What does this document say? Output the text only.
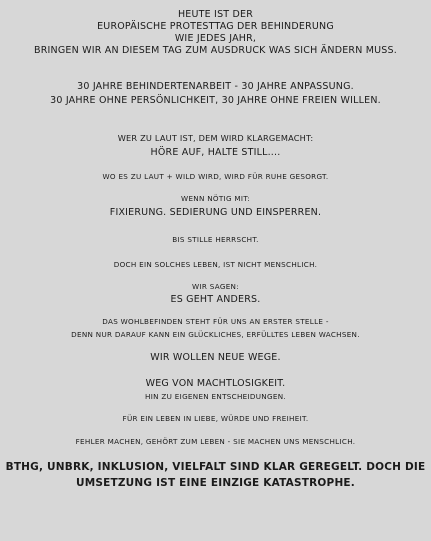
HEUTE IST DER
EUROPÄISCHE PROTESTTAG DER BEHINDERUNG
WIE JEDES JAHR,
BRINGEN WIR AN DIESEM TAG ZUM AUSDRUCK WAS SICH ÄNDERN MUSS.
30 JAHRE BEHINDERTENARBEIT - 30 JAHRE ANPASSUNG.
30 JAHRE OHNE PERSÖNLICHKEIT, 30 JAHRE OHNE FREIEN WILLEN.
WER ZU LAUT IST, DEM WIRD KLARGEMACHT:
HÖRE AUF, HALTE STILL....
WO ES ZU LAUT + WILD WIRD, WIRD FÜR RUHE GESORGT.
WENN NÖTIG MIT:
FIXIERUNG. SEDIERUNG UND EINSPERREN.
BIS STILLE HERRSCHT.
DOCH EIN SOLCHES LEBEN, IST NICHT MENSCHLICH.
WIR SAGEN:
ES GEHT ANDERS.
DAS WOHLBEFINDEN STEHT FÜR UNS AN ERSTER STELLE -
DENN NUR DARAUF KANN EIN GLÜCKLICHES, ERFÜLLTES LEBEN WACHSEN.
WIR WOLLEN NEUE WEGE.
WEG VON MACHTLOSIGKEIT.
HIN ZU EIGENEN ENTSCHEIDUNGEN.
FÜR EIN LEBEN IN LIEBE, WÜRDE UND FREIHEIT.
FEHLER MACHEN, GEHÖRT ZUM LEBEN - SIE MACHEN UNS MENSCHLICH.
BTHG, UNBRK, INKLUSION, VIELFALT SIND KLAR GEREGELT. DOCH DIE
UMSETZUNG IST EINE EINZIGE KATASTROPHE.
